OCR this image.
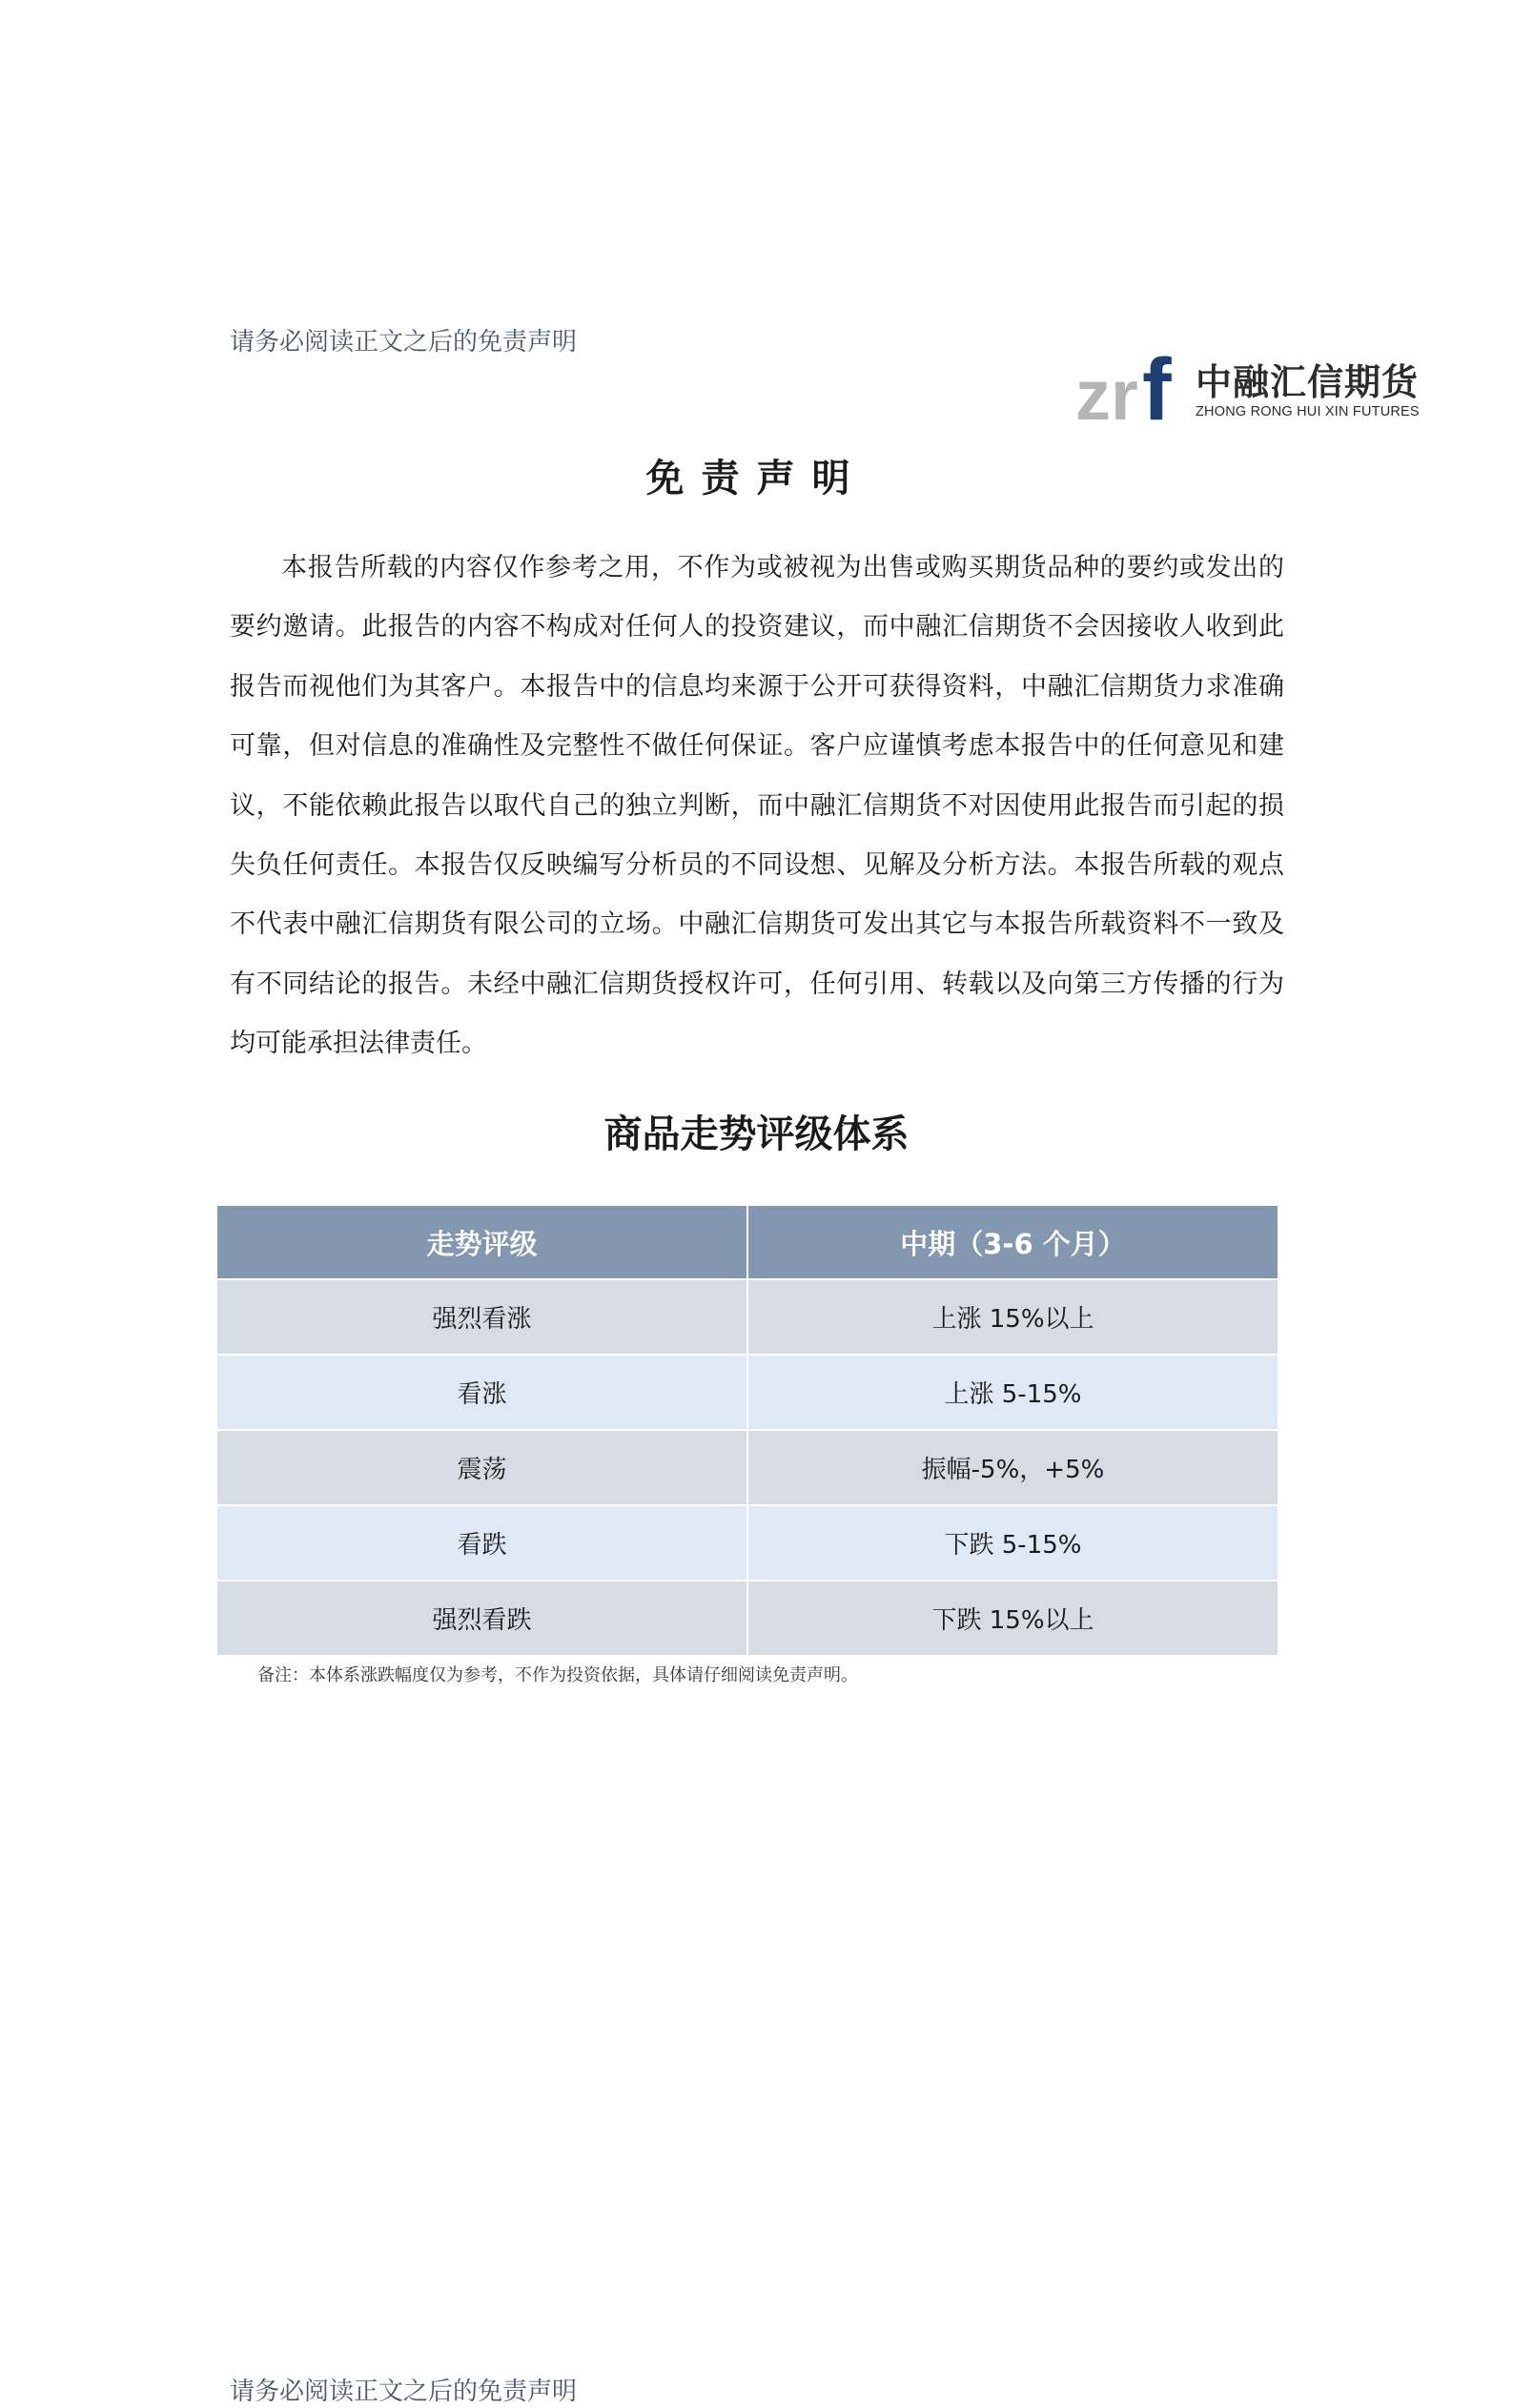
请务必阅读正文之后的免责声明
zr f 中融汇信期货
ZHONG RONG HUI XIN FUTURES
免责声明

本报告所载的内容仅作参考之用，不作为或被视为出售或购买期货品种的要约或发出的要约邀请。此报告的内容不构成对任何人的投资建议，而中融汇信期货不会因接收人收到此报告而视他们为其客户。本报告中的信息均来源于公开可获得资料，中融汇信期货力求准确可靠，但对信息的准确性及完整性不做任何保证。客户应谨慎考虑本报告中的任何意见和建议，不能依赖此报告以取代自己的独立判断，而中融汇信期货不对因使用此报告而引起的损失负任何责任。本报告仅反映编写分析员的不同设想、见解及分析方法。本报告所载的观点不代表中融汇信期货有限公司的立场。中融汇信期货可发出其它与本报告所载资料不一致及有不同结论的报告。未经中融汇信期货授权许可，任何引用、转载以及向第三方传播的行为均可能承担法律责任。

商品走势评级体系
走势评级	中期（3-6 个月）
强烈看涨	上涨 15%以上
看涨	上涨 5-15%
震荡	振幅-5%，+5%
看跌	下跌 5-15%
强烈看跌	下跌 15%以上
备注：本体系涨跌幅度仅为参考，不作为投资依据，具体请仔细阅读免责声明。
请务必阅读正文之后的免责声明
